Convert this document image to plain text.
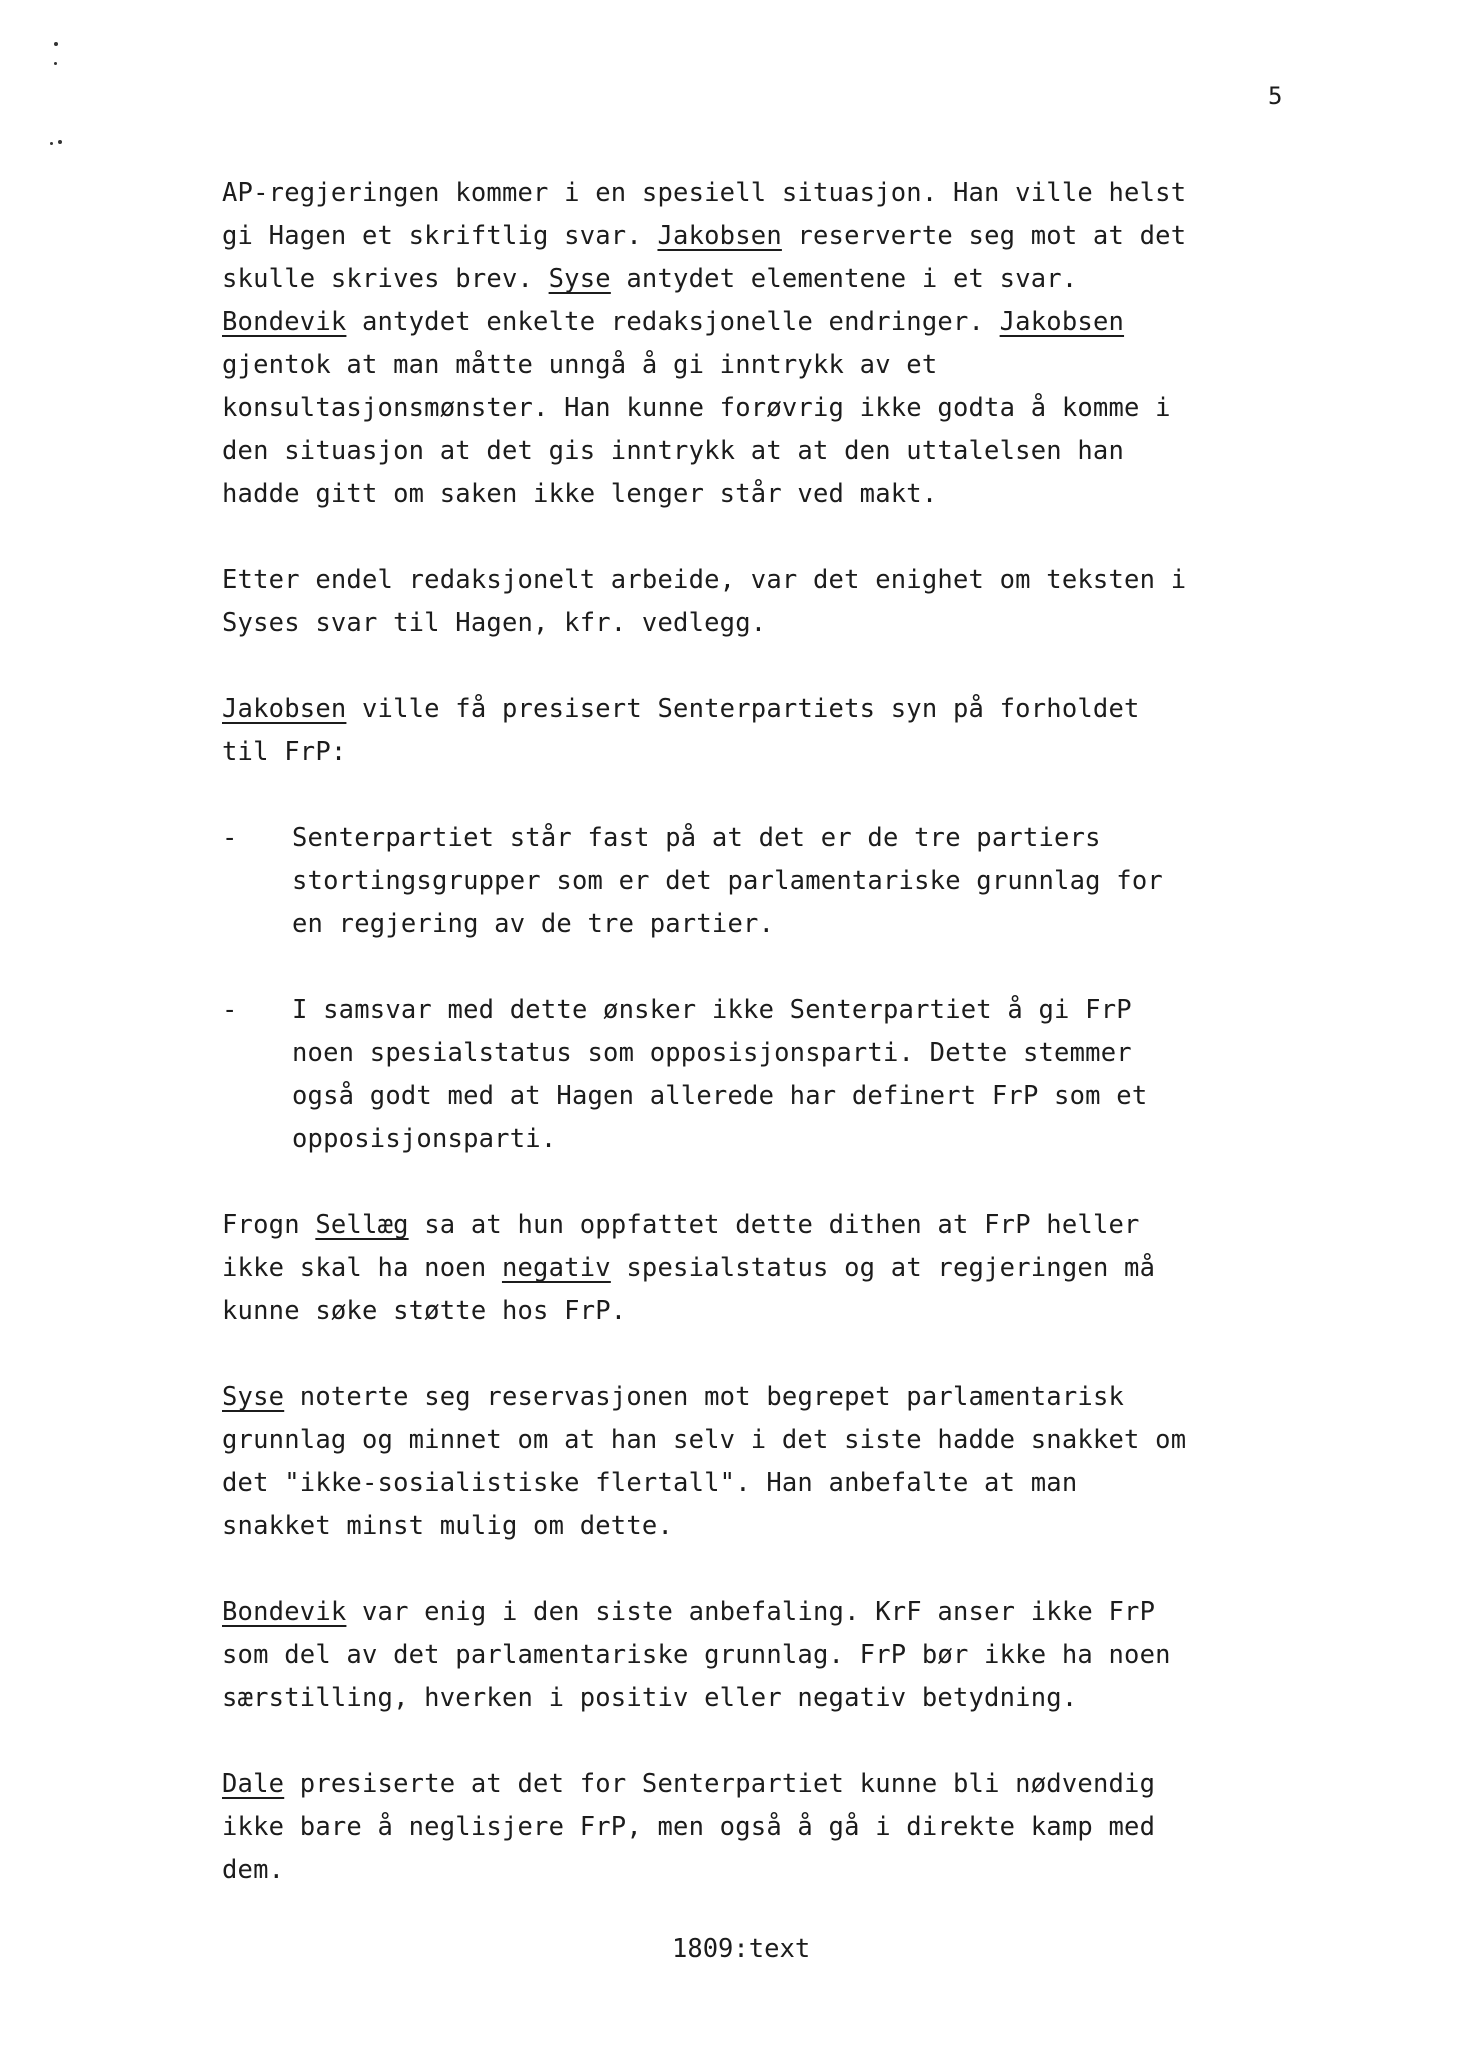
5
AP-regjeringen kommer i en spesiell situasjon. Han ville helst
gi Hagen et skriftlig svar. Jakobsen reserverte seg mot at det
skulle skrives brev. Syse antydet elementene i et svar.
Bondevik antydet enkelte redaksjonelle endringer. Jakobsen
gjentok at man måtte unngå å gi inntrykk av et
konsultasjonsmønster. Han kunne forøvrig ikke godta å komme i
den situasjon at det gis inntrykk at at den uttalelsen han
hadde gitt om saken ikke lenger står ved makt.
Etter endel redaksjonelt arbeide, var det enighet om teksten i
Syses svar til Hagen, kfr. vedlegg.
Jakobsen ville få presisert Senterpartiets syn på forholdet
til FrP:
- Senterpartiet står fast på at det er de tre partiers
stortingsgrupper som er det parlamentariske grunnlag for
en regjering av de tre partier.
- I samsvar med dette ønsker ikke Senterpartiet å gi FrP
noen spesialstatus som opposisjonsparti. Dette stemmer
også godt med at Hagen allerede har definert FrP som et
opposisjonsparti.
Frogn Sellæg sa at hun oppfattet dette dithen at FrP heller
ikke skal ha noen negativ spesialstatus og at regjeringen må
kunne søke støtte hos FrP.
Syse noterte seg reservasjonen mot begrepet parlamentarisk
grunnlag og minnet om at han selv i det siste hadde snakket om
det "ikke-sosialistiske flertall". Han anbefalte at man
snakket minst mulig om dette.
Bondevik var enig i den siste anbefaling. KrF anser ikke FrP
som del av det parlamentariske grunnlag. FrP bør ikke ha noen
særstilling, hverken i positiv eller negativ betydning.
Dale presiserte at det for Senterpartiet kunne bli nødvendig
ikke bare å neglisjere FrP, men også å gå i direkte kamp med
dem.
1809:text
